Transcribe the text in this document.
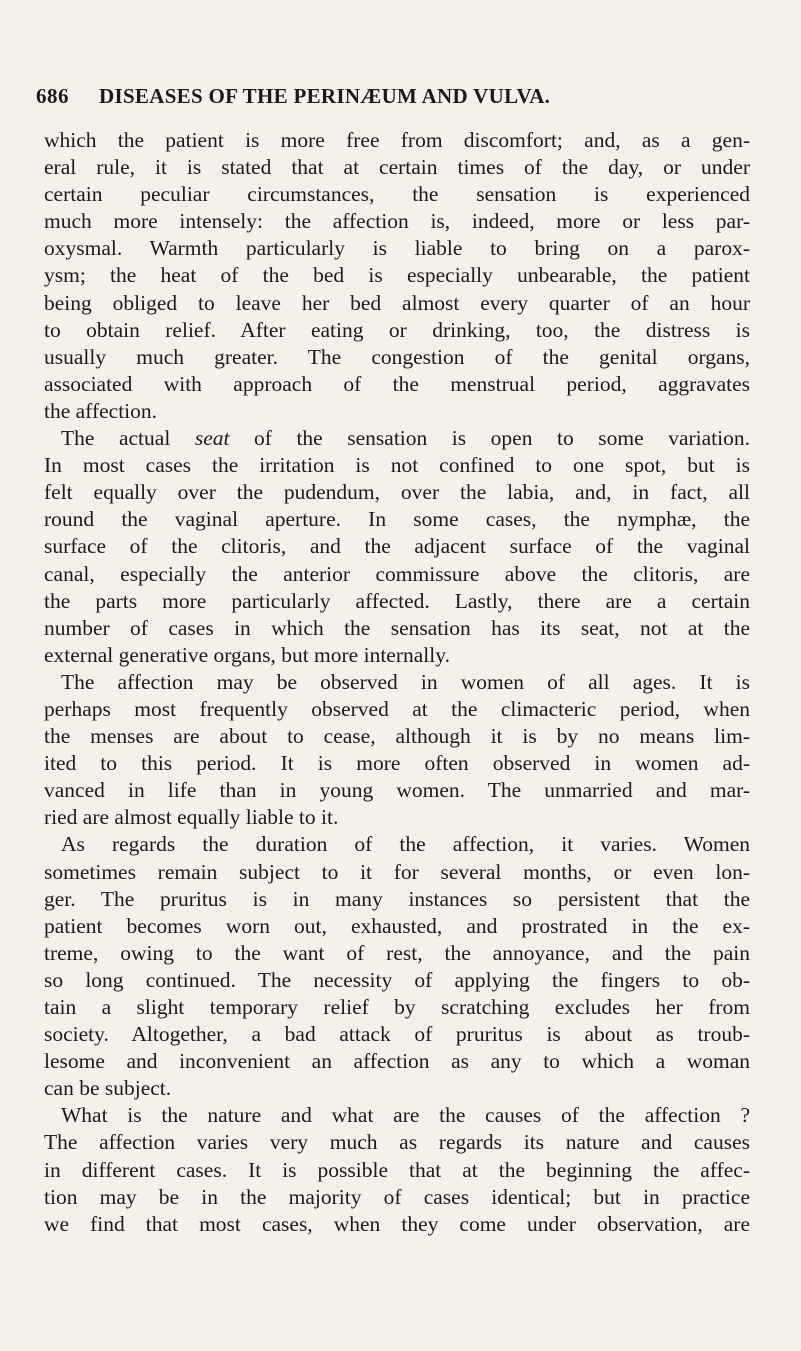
686 DISEASES OF THE PERINÆUM AND VULVA.
which the patient is more free from discomfort; and, as a gen-
eral rule, it is stated that at certain times of the day, or under
certain peculiar circumstances, the sensation is experienced
much more intensely: the affection is, indeed, more or less par-
oxysmal. Warmth particularly is liable to bring on a parox-
ysm; the heat of the bed is especially unbearable, the patient
being obliged to leave her bed almost every quarter of an hour
to obtain relief. After eating or drinking, too, the distress is
usually much greater. The congestion of the genital organs,
associated with approach of the menstrual period, aggravates
the affection.
The actual seat of the sensation is open to some variation.
In most cases the irritation is not confined to one spot, but is
felt equally over the pudendum, over the labia, and, in fact, all
round the vaginal aperture. In some cases, the nymphæ, the
surface of the clitoris, and the adjacent surface of the vaginal
canal, especially the anterior commissure above the clitoris, are
the parts more particularly affected. Lastly, there are a certain
number of cases in which the sensation has its seat, not at the
external generative organs, but more internally.
The affection may be observed in women of all ages. It is
perhaps most frequently observed at the climacteric period, when
the menses are about to cease, although it is by no means lim-
ited to this period. It is more often observed in women ad-
vanced in life than in young women. The unmarried and mar-
ried are almost equally liable to it.
As regards the duration of the affection, it varies. Women
sometimes remain subject to it for several months, or even lon-
ger. The pruritus is in many instances so persistent that the
patient becomes worn out, exhausted, and prostrated in the ex-
treme, owing to the want of rest, the annoyance, and the pain
so long continued. The necessity of applying the fingers to ob-
tain a slight temporary relief by scratching excludes her from
society. Altogether, a bad attack of pruritus is about as troub-
lesome and inconvenient an affection as any to which a woman
can be subject.
What is the nature and what are the causes of the affection ?
The affection varies very much as regards its nature and causes
in different cases. It is possible that at the beginning the affec-
tion may be in the majority of cases identical; but in practice
we find that most cases, when they come under observation, are
